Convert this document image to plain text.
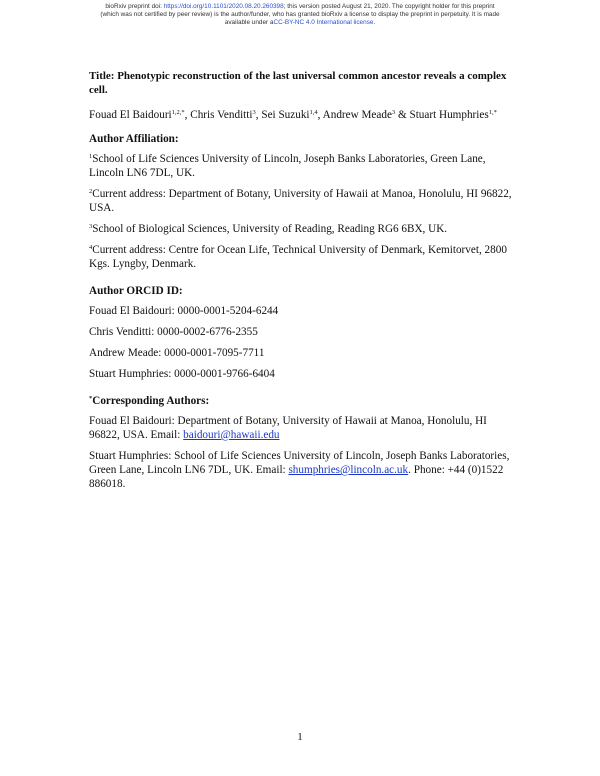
bioRxiv preprint doi: https://doi.org/10.1101/2020.08.20.260398; this version posted August 21, 2020. The copyright holder for this preprint
(which was not certified by peer review) is the author/funder, who has granted bioRxiv a license to display the preprint in perpetuity. It is made
available under aCC-BY-NC 4.0 International license.
Title: Phenotypic reconstruction of the last universal common ancestor reveals a complex cell.
Fouad El Baidouri$^{1,2,*}$, Chris Venditti$^3$, Sei Suzuki$^{1,4}$, Andrew Meade$^3$ & Stuart Humphries$^{1,*}$
Author Affiliation:
$^1$School of Life Sciences University of Lincoln, Joseph Banks Laboratories, Green Lane, Lincoln LN6 7DL, UK.
$^2$Current address: Department of Botany, University of Hawaii at Manoa, Honolulu, HI 96822, USA.
$^3$School of Biological Sciences, University of Reading, Reading RG6 6BX, UK.
$^4$Current address: Centre for Ocean Life, Technical University of Denmark, Kemitorvet, 2800 Kgs. Lyngby, Denmark.
Author ORCID ID:
Fouad El Baidouri: 0000-0001-5204-6244
Chris Venditti: 0000-0002-6776-2355
Andrew Meade: 0000-0001-7095-7711
Stuart Humphries: 0000-0001-9766-6404
*Corresponding Authors:
Fouad El Baidouri: Department of Botany, University of Hawaii at Manoa, Honolulu, HI 96822, USA. Email: baidouri@hawaii.edu
Stuart Humphries: School of Life Sciences University of Lincoln, Joseph Banks Laboratories, Green Lane, Lincoln LN6 7DL, UK. Email: shumphries@lincoln.ac.uk. Phone: +44 (0)1522 886018.
1
